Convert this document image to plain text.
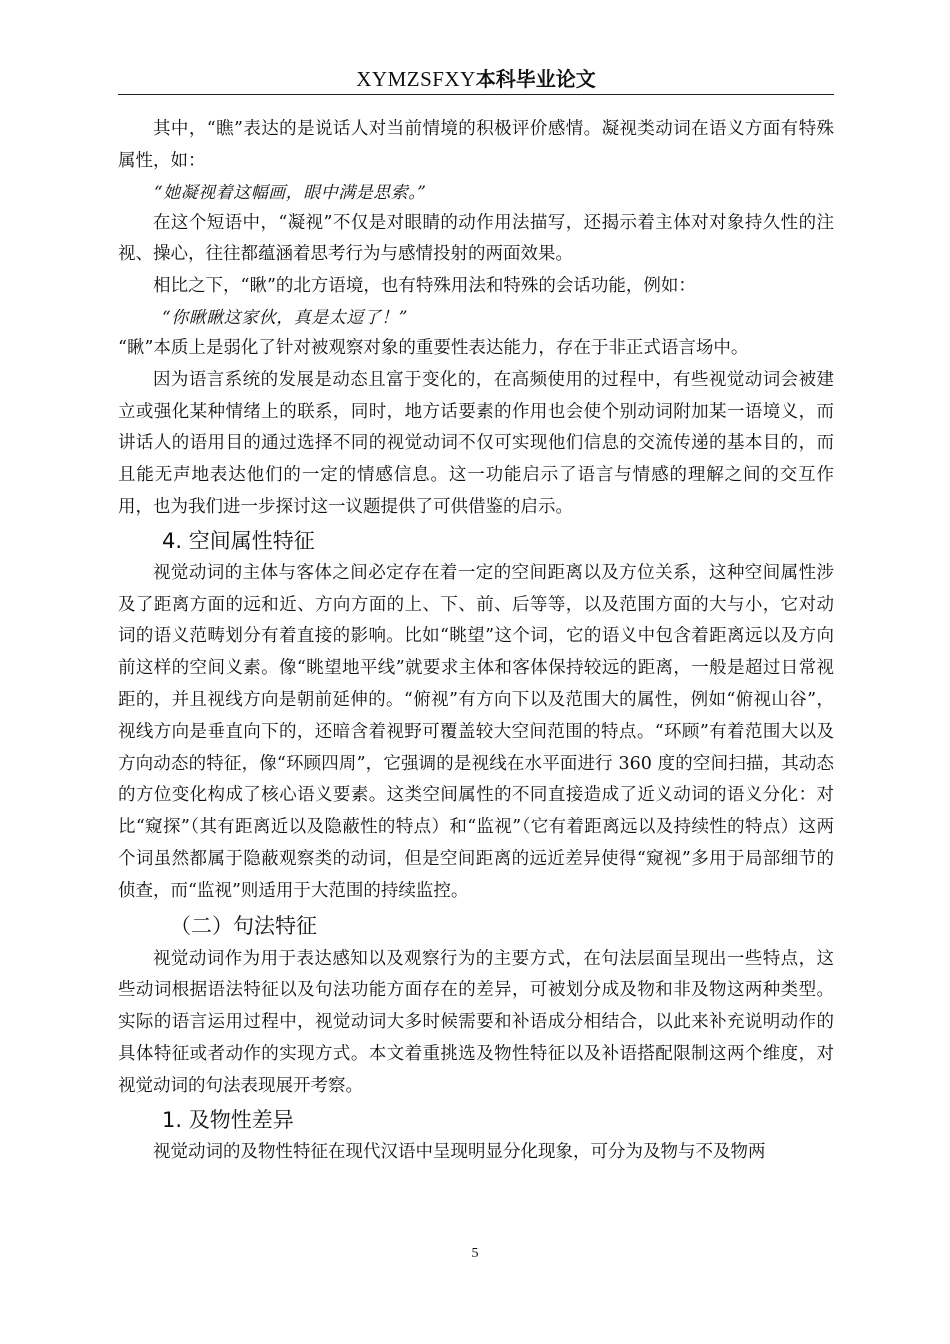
XYMZSFXY本科毕业论文

其中，“瞧”表达的是说话人对当前情境的积极评价感情。凝视类动词在语义方面有特殊属性，如：

“她凝视着这幅画，眼中满是思索。”

在这个短语中，“凝视”不仅是对眼睛的动作用法描写，还揭示着主体对对象持久性的注视、操心，往往都蕴涵着思考行为与感情投射的两面效果。

相比之下，“瞅”的北方语境，也有特殊用法和特殊的会话功能，例如：

“你瞅瞅这家伙，真是太逗了！”

“瞅”本质上是弱化了针对被观察对象的重要性表达能力，存在于非正式语言场中。

因为语言系统的发展是动态且富于变化的，在高频使用的过程中，有些视觉动词会被建立或强化某种情绪上的联系，同时，地方话要素的作用也会使个别动词附加某一语境义，而讲话人的语用目的通过选择不同的视觉动词不仅可实现他们信息的交流传递的基本目的，而且能无声地表达他们的一定的情感信息。这一功能启示了语言与情感的理解之间的交互作用，也为我们进一步探讨这一议题提供了可供借鉴的启示。

4. 空间属性特征

视觉动词的主体与客体之间必定存在着一定的空间距离以及方位关系，这种空间属性涉及了距离方面的远和近、方向方面的上、下、前、后等等，以及范围方面的大与小，它对动词的语义范畴划分有着直接的影响。比如“眺望”这个词，它的语义中包含着距离远以及方向前这样的空间义素。像“眺望地平线”就要求主体和客体保持较远的距离，一般是超过日常视距的，并且视线方向是朝前延伸的。“俯视”有方向下以及范围大的属性，例如“俯视山谷”，视线方向是垂直向下的，还暗含着视野可覆盖较大空间范围的特点。“环顾”有着范围大以及方向动态的特征，像“环顾四周”，它强调的是视线在水平面进行 360 度的空间扫描，其动态的方位变化构成了核心语义要素。这类空间属性的不同直接造成了近义动词的语义分化：对比“窥探”（其有距离近以及隐蔽性的特点）和“监视”（它有着距离远以及持续性的特点）这两个词虽然都属于隐蔽观察类的动词，但是空间距离的远近差异使得“窥视”多用于局部细节的侦查，而“监视”则适用于大范围的持续监控。

（二）句法特征

视觉动词作为用于表达感知以及观察行为的主要方式，在句法层面呈现出一些特点，这些动词根据语法特征以及句法功能方面存在的差异，可被划分成及物和非及物这两种类型。实际的语言运用过程中，视觉动词大多时候需要和补语成分相结合，以此来补充说明动作的具体特征或者动作的实现方式。本文着重挑选及物性特征以及补语搭配限制这两个维度，对视觉动词的句法表现展开考察。

1. 及物性差异

视觉动词的及物性特征在现代汉语中呈现明显分化现象，可分为及物与不及物两

5
